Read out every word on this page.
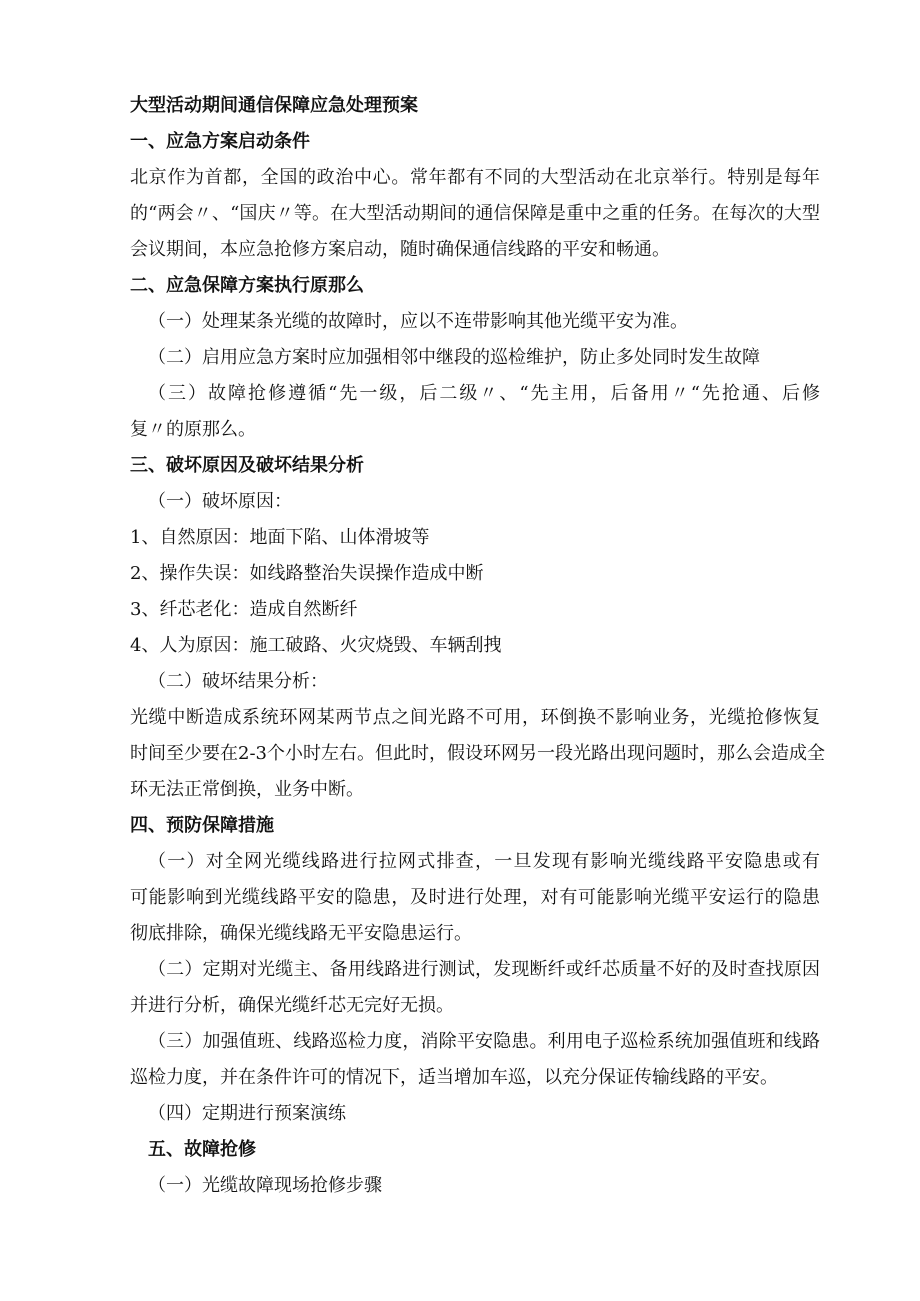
大型活动期间通信保障应急处理预案
一、应急方案启动条件
北京作为首都，全国的政治中心。常年都有不同的大型活动在北京举行。特别是每年
的“两会〃、“国庆〃等。在大型活动期间的通信保障是重中之重的任务。在每次的大型
会议期间，本应急抢修方案启动，随时确保通信线路的平安和畅通。
二、应急保障方案执行原那么
（一）处理某条光缆的故障时，应以不连带影响其他光缆平安为准。
（二）启用应急方案时应加强相邻中继段的巡检维护，防止多处同时发生故障
（三）故障抢修遵循“先一级，后二级〃、“先主用，后备用〃“先抢通、后修
复〃的原那么。
三、破坏原因及破坏结果分析
（一）破坏原因：
1、自然原因：地面下陷、山体滑坡等
2、操作失误：如线路整治失误操作造成中断
3、纤芯老化：造成自然断纤
4、人为原因：施工破路、火灾烧毁、车辆刮拽
（二）破坏结果分析：
光缆中断造成系统环网某两节点之间光路不可用，环倒换不影响业务，光缆抢修恢复
时间至少要在2-3个小时左右。但此时，假设环网另一段光路出现问题时，那么会造成全
环无法正常倒换，业务中断。
四、预防保障措施
（一）对全网光缆线路进行拉网式排查，一旦发现有影响光缆线路平安隐患或有
可能影响到光缆线路平安的隐患，及时进行处理，对有可能影响光缆平安运行的隐患
彻底排除，确保光缆线路无平安隐患运行。
（二）定期对光缆主、备用线路进行测试，发现断纤或纤芯质量不好的及时查找原因
并进行分析，确保光缆纤芯无完好无损。
（三）加强值班、线路巡检力度，消除平安隐患。利用电子巡检系统加强值班和线路
巡检力度，并在条件许可的情况下，适当增加车巡，以充分保证传输线路的平安。
（四）定期进行预案演练
五、故障抢修
（一）光缆故障现场抢修步骤
